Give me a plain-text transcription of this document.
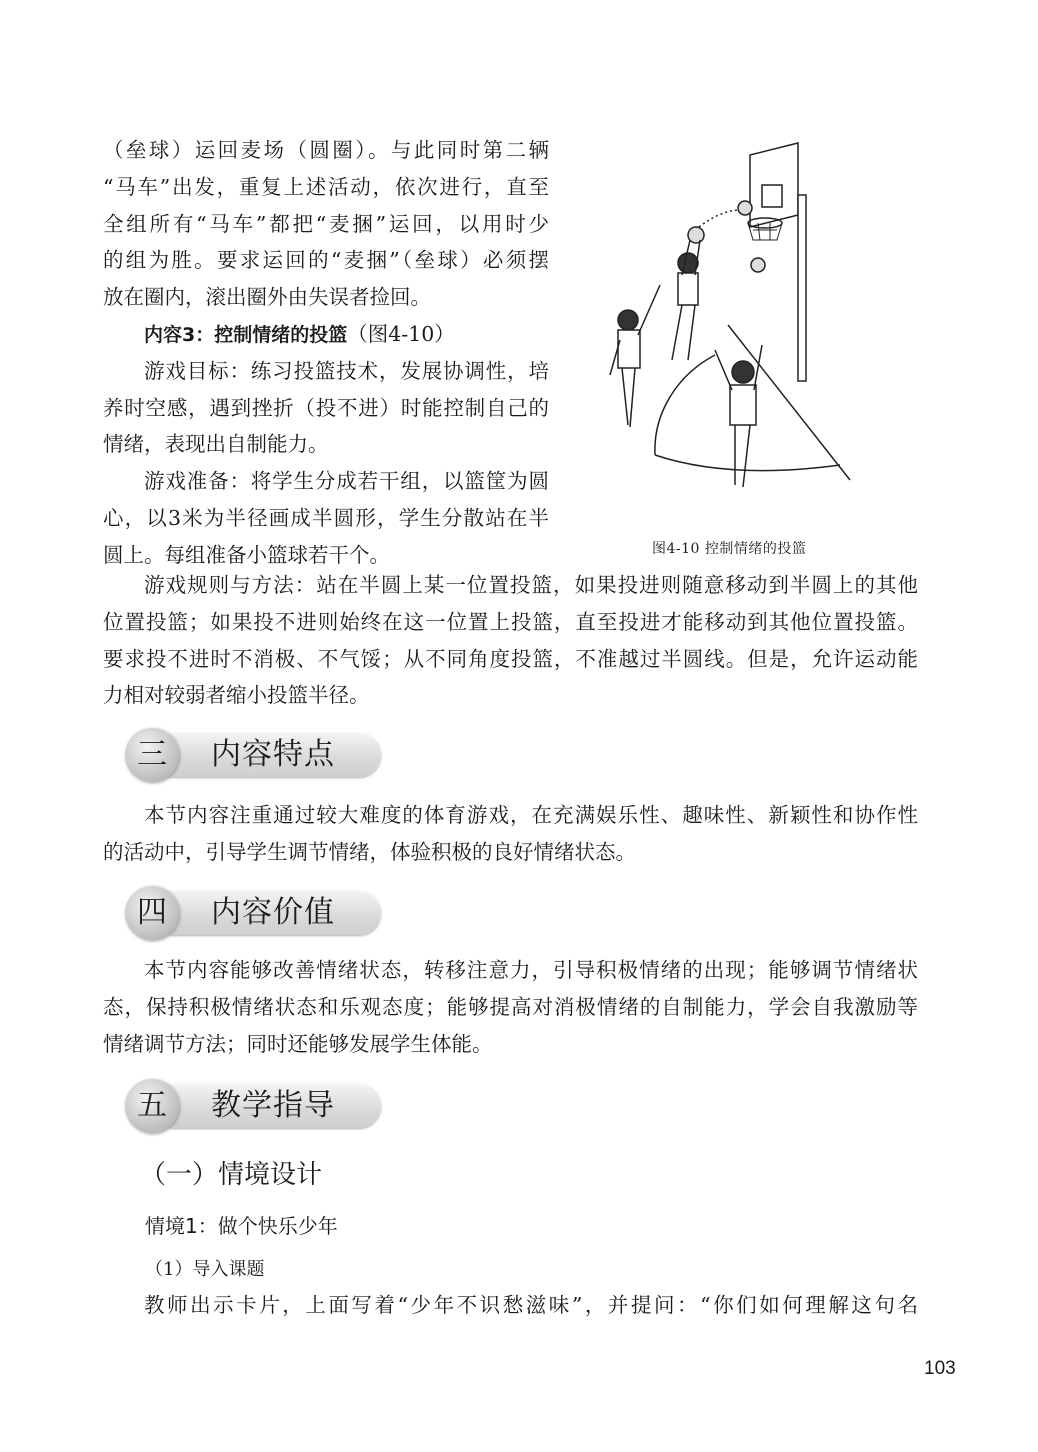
（垒球）运回麦场（圆圈）。与此同时第二辆
“马车”出发，重复上述活动，依次进行，直至
全组所有“马车”都把“麦捆”运回，以用时少
的组为胜。要求运回的“麦捆”（垒球）必须摆
放在圈内，滚出圈外由失误者捡回。
内容3：控制情绪的投篮（图4-10）
游戏目标：练习投篮技术，发展协调性，培
养时空感，遇到挫折（投不进）时能控制自己的
情绪，表现出自制能力。
游戏准备：将学生分成若干组，以篮筐为圆
心，以3米为半径画成半圆形，学生分散站在半
圆上。每组准备小篮球若干个。	图4-10 控制情绪的投篮
游戏规则与方法：站在半圆上某一位置投篮，如果投进则随意移动到半圆上的其他
位置投篮；如果投不进则始终在这一位置上投篮，直至投进才能移动到其他位置投篮。
要求投不进时不消极、不气馁；从不同角度投篮，不准越过半圆线。但是，允许运动能
力相对较弱者缩小投篮半径。
三	内容特点
本节内容注重通过较大难度的体育游戏，在充满娱乐性、趣味性、新颖性和协作性
的活动中，引导学生调节情绪，体验积极的良好情绪状态。
四	内容价值
本节内容能够改善情绪状态，转移注意力，引导积极情绪的出现；能够调节情绪状
态，保持积极情绪状态和乐观态度；能够提高对消极情绪的自制能力，学会自我激励等
情绪调节方法；同时还能够发展学生体能。
五	教学指导
（一）情境设计
情境1：做个快乐少年
（1）导入课题
教师出示卡片，上面写着“少年不识愁滋味”，并提问：“你们如何理解这句名
103
